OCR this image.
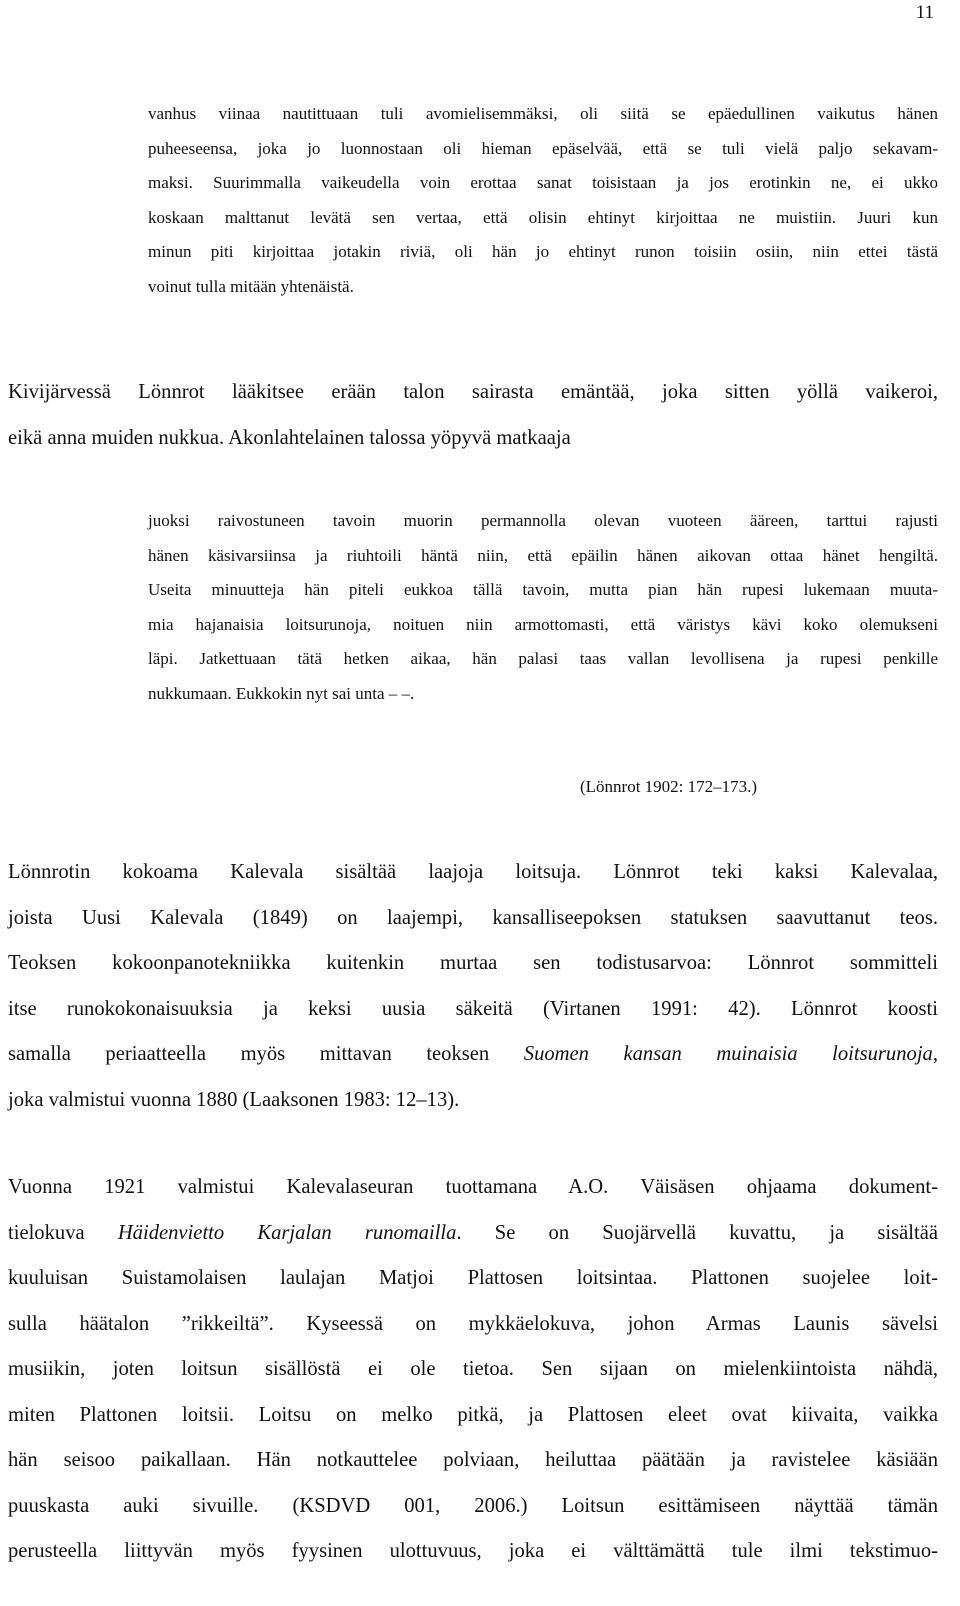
11
vanhus viinaa nautittuaan tuli avomielisemmäksi, oli siitä se epäedullinen vaikutus hänen
puheeseensa, joka jo luonnostaan oli hieman epäselvää, että se tuli vielä paljo sekavam-
maksi. Suurimmalla vaikeudella voin erottaa sanat toisistaan ja jos erotinkin ne, ei ukko
koskaan malttanut levätä sen vertaa, että olisin ehtinyt kirjoittaa ne muistiin. Juuri kun
minun piti kirjoittaa jotakin riviä, oli hän jo ehtinyt runon toisiin osiin, niin ettei tästä
voinut tulla mitään yhtenäistä.
Kivijärvessä Lönnrot lääkitsee erään talon sairasta emäntää, joka sitten yöllä vaikeroi,
eikä anna muiden nukkua. Akonlahtelainen talossa yöpyvä matkaaja
juoksi raivostuneen tavoin muorin permannolla olevan vuoteen ääreen, tarttui rajusti
hänen käsivarsiinsa ja riuhtoili häntä niin, että epäilin hänen aikovan ottaa hänet hengiltä.
Useita minuutteja hän piteli eukkoa tällä tavoin, mutta pian hän rupesi lukemaan muuta-
mia hajanaisia loitsurunoja, noituen niin armottomasti, että väristys kävi koko olemukseni
läpi. Jatkettuaan tätä hetken aikaa, hän palasi taas vallan levollisena ja rupesi penkille
nukkumaan. Eukkokin nyt sai unta – –.
(Lönnrot 1902: 172–173.)
Lönnrotin kokoama Kalevala sisältää laajoja loitsuja. Lönnrot teki kaksi Kalevalaa,
joista Uusi Kalevala (1849) on laajempi, kansalliseepoksen statuksen saavuttanut teos.
Teoksen kokoonpanotekniikka kuitenkin murtaa sen todistusarvoa: Lönnrot sommitteli
itse runokokonaisuuksia ja keksi uusia säkeitä (Virtanen 1991: 42). Lönnrot koosti
samalla periaatteella myös mittavan teoksen Suomen kansan muinaisia loitsurunoja,
joka valmistui vuonna 1880 (Laaksonen 1983: 12–13).
Vuonna 1921 valmistui Kalevalaseuran tuottamana A.O. Väisäsen ohjaama dokument-
tielokuva Häidenvietto Karjalan runomailla. Se on Suojärvellä kuvattu, ja sisältää
kuuluisan Suistamolaisen laulajan Matjoi Plattosen loitsintaa. Plattonen suojelee loit-
sulla häätalon ”rikkeiltä”. Kyseessä on mykkäelokuva, johon Armas Launis sävelsi
musiikin, joten loitsun sisällöstä ei ole tietoa. Sen sijaan on mielenkiintoista nähdä,
miten Plattonen loitsii. Loitsu on melko pitkä, ja Plattosen eleet ovat kiivaita, vaikka
hän seisoo paikallaan. Hän notkauttelee polviaan, heiluttaa päätään ja ravistelee käsiään
puuskasta auki sivuille. (KSDVD 001, 2006.) Loitsun esittämiseen näyttää tämän
perusteella liittyvän myös fyysinen ulottuvuus, joka ei välttämättä tule ilmi tekstimuo-
